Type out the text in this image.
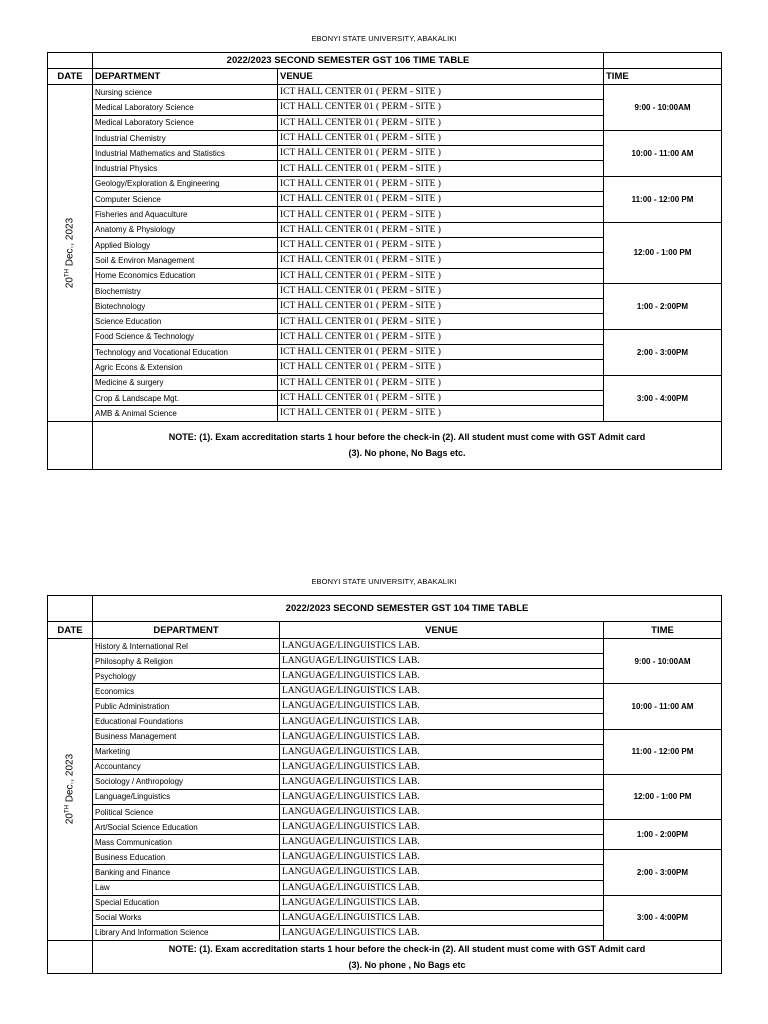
EBONYI STATE UNIVERSITY, ABAKALIKI
	2022/2023 SECOND SEMESTER GST 106 TIME TABLE		
DATE	DEPARTMENT	VENUE	TIME

20TH Dec., 2023	Nursing science	ICT HALL CENTER 01 ( PERM - SITE )	9:00 - 10:00AM
	Medical Laboratory Science	ICT HALL CENTER 01 ( PERM - SITE )	
	Medical Laboratory Science	ICT HALL CENTER 01 ( PERM - SITE )	
	Industrial Chemistry	ICT HALL CENTER 01 ( PERM - SITE )	10:00 - 11:00 AM
	Industrial Mathematics and Statistics	ICT HALL CENTER 01 ( PERM - SITE )	
	Industrial Physics	ICT HALL CENTER 01 ( PERM - SITE )	
	Geology/Exploration & Engineering	ICT HALL CENTER 01 ( PERM - SITE )	11:00 - 12:00 PM
	Computer Science	ICT HALL CENTER 01 ( PERM - SITE )	
	Fisheries and Aquaculture	ICT HALL CENTER 01 ( PERM - SITE )	
	Anatomy & Physiology	ICT HALL CENTER 01 ( PERM - SITE )	12:00 - 1:00 PM
	Applied Biology	ICT HALL CENTER 01 ( PERM - SITE )	
	Soil & Environ Management	ICT HALL CENTER 01 ( PERM - SITE )	
	Home Economics Education	ICT HALL CENTER 01 ( PERM - SITE )	
	Biochemistry	ICT HALL CENTER 01 ( PERM - SITE )	1:00 - 2:00PM
	Biotechnology	ICT HALL CENTER 01 ( PERM - SITE )	
	Science Education	ICT HALL CENTER 01 ( PERM - SITE )	
	Food Science & Technology	ICT HALL CENTER 01 ( PERM - SITE )	2:00 - 3:00PM
	Technology and Vocational Education	ICT HALL CENTER 01 ( PERM - SITE )	
	Agric Econs & Extension	ICT HALL CENTER 01 ( PERM - SITE )	
	Medicine & surgery	ICT HALL CENTER 01 ( PERM - SITE )	3:00 - 4:00PM
	Crop & Landscape Mgt.	ICT HALL CENTER 01 ( PERM - SITE )	
	AMB & Animal Science	ICT HALL CENTER 01 ( PERM - SITE )	

	NOTE: (1). Exam accreditation starts 1 hour before the check-in (2). All student must come with GST Admit card
(3). No phone, No Bags etc.		
EBONYI STATE UNIVERSITY, ABAKALIKI
	2022/2023 SECOND SEMESTER GST 104 TIME TABLE		
DATE	DEPARTMENT	VENUE	TIME

20TH Dec., 2023	History & International Rel	LANGUAGE/LINGUISTICS LAB.	9:00 - 10:00AM
	Philosophy & Religion	LANGUAGE/LINGUISTICS LAB.	
	Psychology	LANGUAGE/LINGUISTICS LAB.	
	Economics	LANGUAGE/LINGUISTICS LAB.	10:00 - 11:00 AM
	Public Administration	LANGUAGE/LINGUISTICS LAB.	
	Educational Foundations	LANGUAGE/LINGUISTICS LAB.	
	Business Management	LANGUAGE/LINGUISTICS LAB.	11:00 - 12:00 PM
	Marketing	LANGUAGE/LINGUISTICS LAB.	
	Accountancy	LANGUAGE/LINGUISTICS LAB.	
	Sociology / Anthropology	LANGUAGE/LINGUISTICS LAB.	12:00 - 1:00 PM
	Language/Linguistics	LANGUAGE/LINGUISTICS LAB.	
	Political Science	LANGUAGE/LINGUISTICS LAB.	
	Art/Social Science Education	LANGUAGE/LINGUISTICS LAB.	1:00 - 2:00PM
	Mass Communication	LANGUAGE/LINGUISTICS LAB.	
	Business Education	LANGUAGE/LINGUISTICS LAB.	2:00 - 3:00PM
	Banking and Finance	LANGUAGE/LINGUISTICS LAB.	
	Law	LANGUAGE/LINGUISTICS LAB.	
	Special Education	LANGUAGE/LINGUISTICS LAB.	3:00 - 4:00PM
	Social Works	LANGUAGE/LINGUISTICS LAB.	
	Library And Information Science	LANGUAGE/LINGUISTICS LAB.	

	NOTE: (1). Exam accreditation starts 1 hour before the check-in (2). All student must come with GST Admit card
(3). No phone , No Bags etc		
